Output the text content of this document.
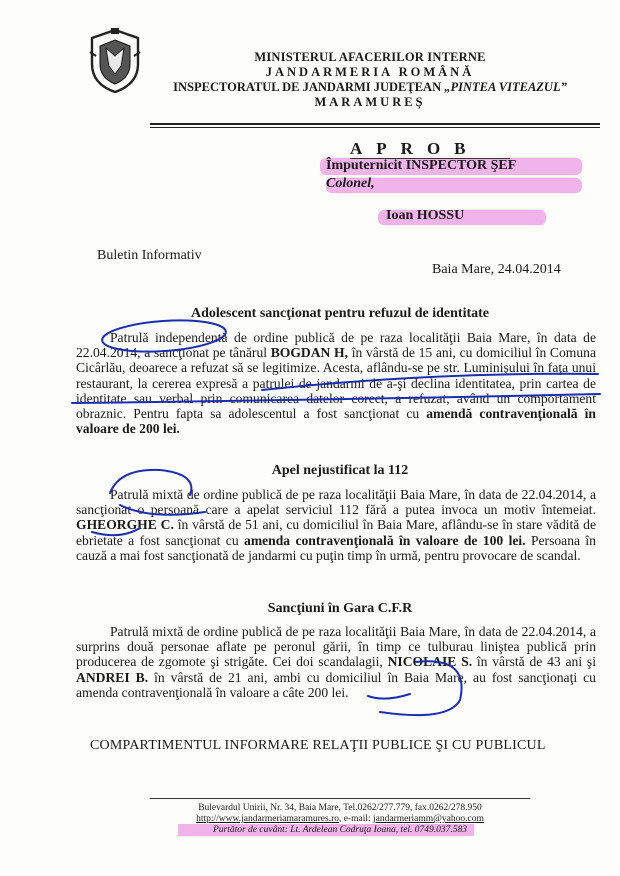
MINISTERUL AFACERILOR INTERNE
JANDARMERIA ROMÂNĂ
INSPECTORATUL DE JANDARMI JUDEŢEAN „PINTEA VITEAZUL”
MARAMUREŞ
APROB
Împuternicit INSPECTOR ŞEF
Colonel,
Ioan HOSSU
Buletin Informativ
Baia Mare, 24.04.2014
Adolescent sancţionat pentru refuzul de identitate
Patrulă independentă de ordine publică de pe raza localităţii Baia Mare, în data de 22.04.2014, a sancţionat pe tânărul BOGDAN H, în vârstă de 15 ani, cu domiciliul în Comuna Cicârlău, deoarece a refuzat să se legitimize. Acesta, aflându-se pe str. Luminişului în faţa unui restaurant, la cererea expresă a patrulei de jandarmi de a-şi declina identitatea, prin cartea de identitate sau verbal prin comunicarea datelor corect, a refuzat, având un comportament obraznic. Pentru fapta sa adolescentul a fost sancţionat cu amendă contravenţională în valoare de 200 lei.
Apel nejustificat la 112
Patrulă mixtă de ordine publică de pe raza localităţii Baia Mare, în data de 22.04.2014, a sancţionat o persoană care a apelat serviciul 112 fără a putea invoca un motiv întemeiat. GHEORGHE C. în vârstă de 51 ani, cu domiciliul în Baia Mare, aflându-se în stare vădită de ebrietate a fost sancţionat cu amenda contravenţională în valoare de 100 lei. Persoana în cauză a mai fost sancţionată de jandarmi cu puţin timp în urmă, pentru provocare de scandal.
Sancţiuni în Gara C.F.R
Patrulă mixtă de ordine publică de pe raza localităţii Baia Mare, în data de 22.04.2014, a surprins două personae aflate pe peronul gării, în timp ce tulburau liniştea publică prin producerea de zgomote şi strigăte. Cei doi scandalagii, NICOLAIE S. în vârstă de 43 ani şi ANDREI B. în vârstă de 21 ani, ambi cu domiciliul în Baia Mare, au fost sancţionaţi cu amenda contravenţională în valoare a câte 200 lei.
COMPARTIMENTUL INFORMARE RELAŢII PUBLICE ŞI CU PUBLICUL
Bulevardul Unirii, Nr. 34, Baia Mare, Tel.0262/277.779, fax.0262/278.950
http://www.jandarmeriamaramures.ro, e-mail: jandarmeriamm@yahoo.com
Purtător de cuvânt: Lt. Ardelean Codruţa Ioana, tel. 0749.037.583
